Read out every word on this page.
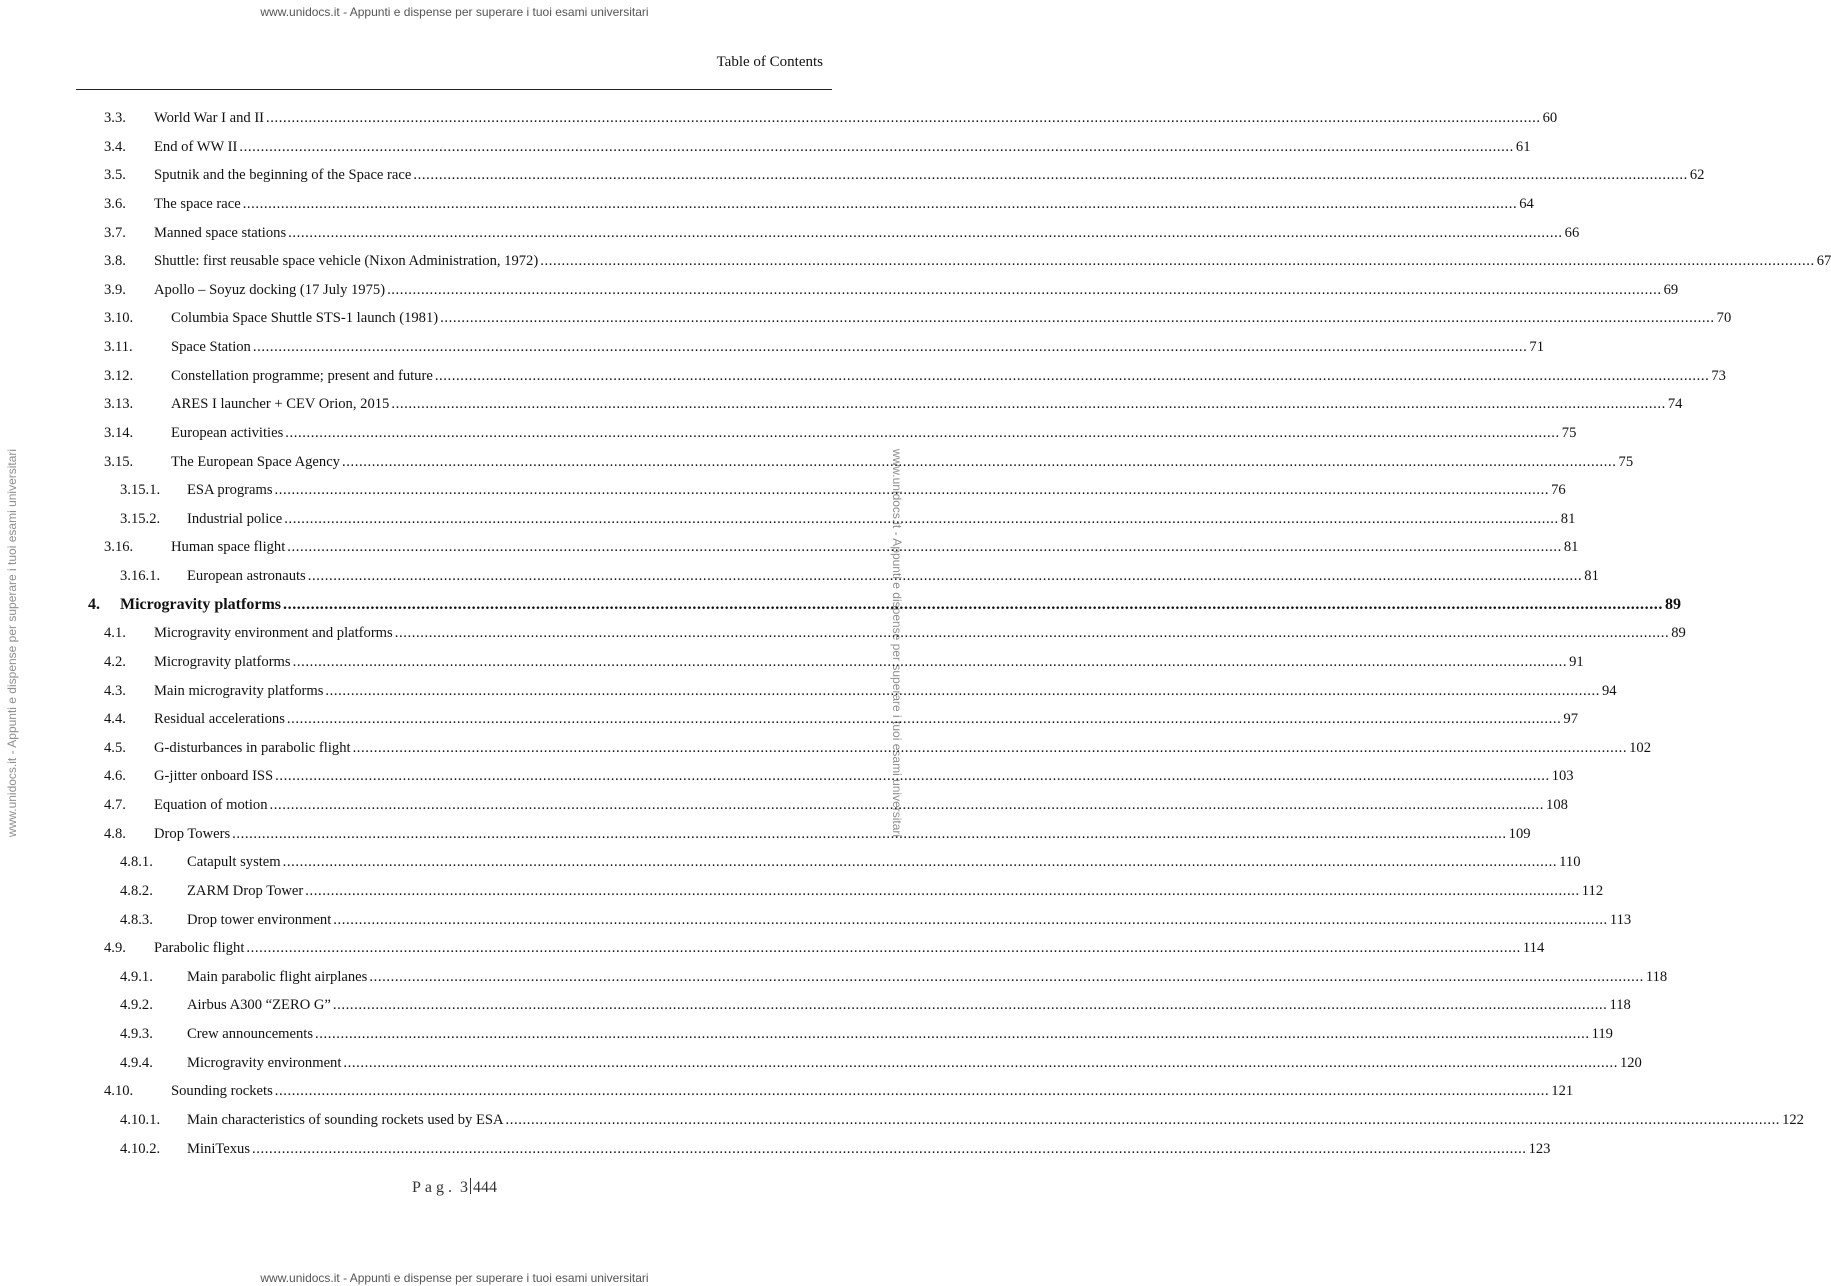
www.unidocs.it - Appunti e dispense per superare i tuoi esami universitari
www.unidocs.it - Appunti e dispense per superare i tuoi esami universitari	www.unidocs.it - Appunti e dispense per superare i tuoi esami universitari
Table of Contents
3.3. World War I and II ............................................................................................................................................................................................................................................................................................................ 60
3.4. End of WW II ............................................................................................................................................................................................................................................................................................................ 61
3.5. Sputnik and the beginning of the Space race ............................................................................................................................................................................................................................................................................................................ 62
3.6. The space race ............................................................................................................................................................................................................................................................................................................ 64
3.7. Manned space stations ............................................................................................................................................................................................................................................................................................................ 66
3.8. Shuttle: first reusable space vehicle (Nixon Administration, 1972) ............................................................................................................................................................................................................................................................................................................ 67
3.9. Apollo – Soyuz docking (17 July 1975) ............................................................................................................................................................................................................................................................................................................ 69
3.10.	Columbia Space Shuttle STS-1 launch (1981) ............................................................................................................................................................................................................................................................................................................ 70
3.11.	Space Station ............................................................................................................................................................................................................................................................................................................ 71
3.12.	Constellation programme; present and future ............................................................................................................................................................................................................................................................................................................ 73
3.13.	ARES I launcher + CEV Orion, 2015 ............................................................................................................................................................................................................................................................................................................ 74
3.14.	European activities ............................................................................................................................................................................................................................................................................................................ 75
3.15.	The European Space Agency ............................................................................................................................................................................................................................................................................................................ 75
3.15.1. ESA programs ............................................................................................................................................................................................................................................................................................................ 76
3.15.2. Industrial police ............................................................................................................................................................................................................................................................................................................ 81
3.16.	Human space flight ............................................................................................................................................................................................................................................................................................................ 81
3.16.1. European astronauts ............................................................................................................................................................................................................................................................................................................ 81
4. Microgravity platforms ............................................................................................................................................................................................................................................................................................................ 89
4.1. Microgravity environment and platforms ............................................................................................................................................................................................................................................................................................................ 89
4.2. Microgravity platforms ............................................................................................................................................................................................................................................................................................................ 91
4.3. Main microgravity platforms ............................................................................................................................................................................................................................................................................................................ 94
4.4. Residual accelerations ............................................................................................................................................................................................................................................................................................................ 97
4.5. G-disturbances in parabolic flight ............................................................................................................................................................................................................................................................................................................ 102
4.6. G-jitter onboard ISS ............................................................................................................................................................................................................................................................................................................ 103
4.7. Equation of motion ............................................................................................................................................................................................................................................................................................................ 108
4.8. Drop Towers ............................................................................................................................................................................................................................................................................................................ 109
4.8.1. Catapult system ............................................................................................................................................................................................................................................................................................................ 110
4.8.2. ZARM Drop Tower ............................................................................................................................................................................................................................................................................................................ 112
4.8.3. Drop tower environment ............................................................................................................................................................................................................................................................................................................ 113
4.9. Parabolic flight ............................................................................................................................................................................................................................................................................................................ 114
4.9.1. Main parabolic flight airplanes ............................................................................................................................................................................................................................................................................................................ 118
4.9.2. Airbus A300 “ZERO G” ............................................................................................................................................................................................................................................................................................................ 118
4.9.3. Crew announcements ............................................................................................................................................................................................................................................................................................................ 119
4.9.4. Microgravity environment ............................................................................................................................................................................................................................................................................................................ 120
4.10.	Sounding rockets ............................................................................................................................................................................................................................................................................................................ 121
4.10.1. Main characteristics of sounding rockets used by ESA ............................................................................................................................................................................................................................................................................................................ 122
4.10.2. MiniTexus ............................................................................................................................................................................................................................................................................................................ 123
Pag. 3 444
www.unidocs.it - Appunti e dispense per superare i tuoi esami universitari
